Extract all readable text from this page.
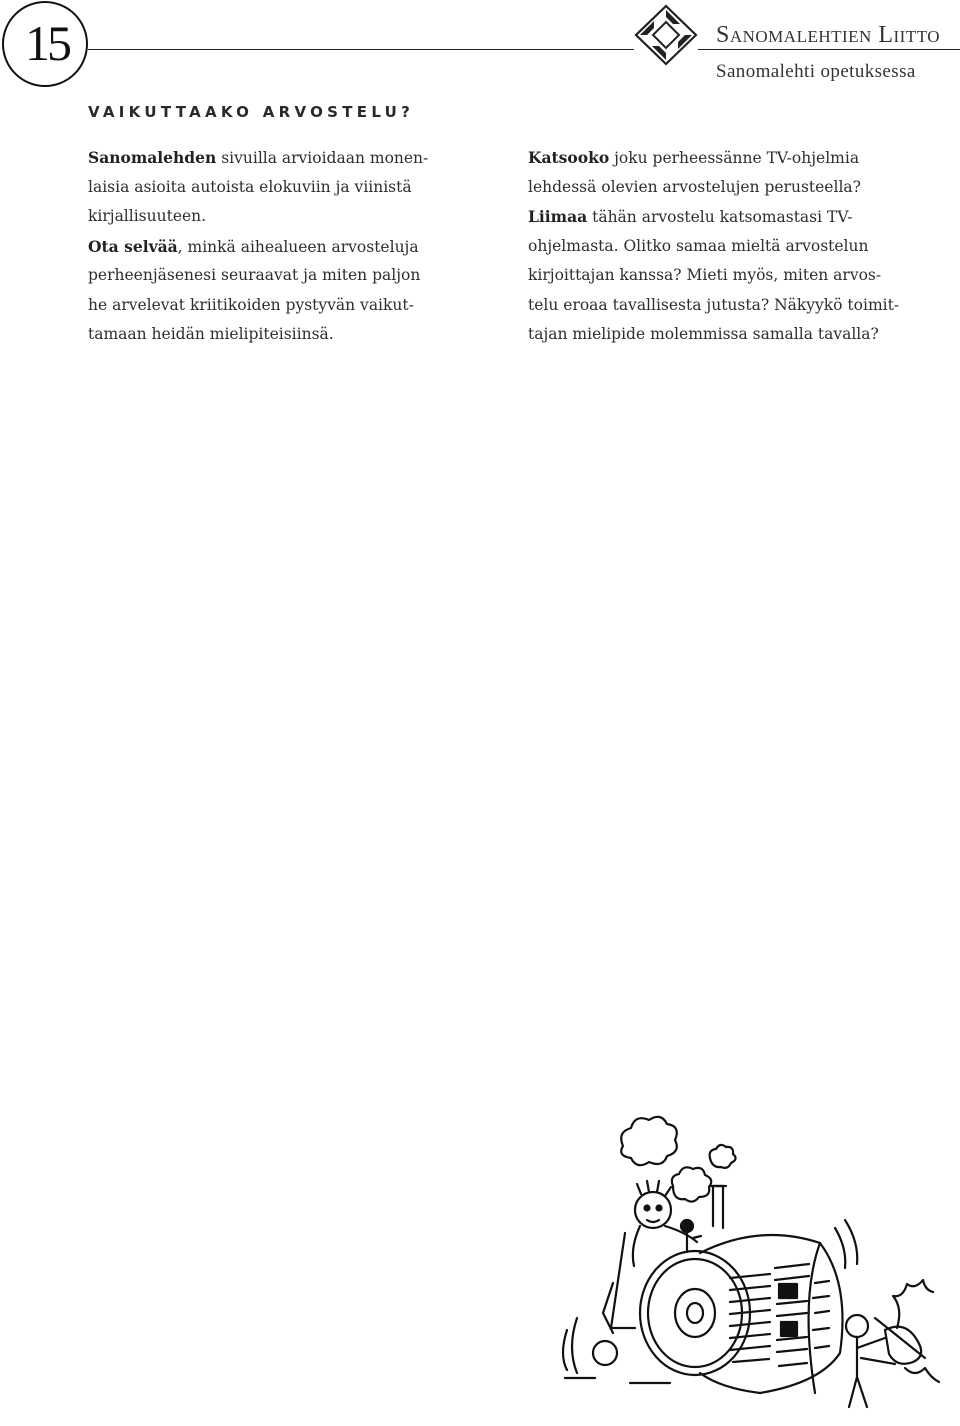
15	Sanomalehtien Liitto
Sanomalehti opetuksessa
VAIKUTTAAKO ARVOSTELU?
Sanomalehden sivuilla arvioidaan monen-
laisia asioita autoista elokuviin ja viinistä
kirjallisuuteen.
Ota selvää, minkä aihealueen arvosteluja
perheenjäsenesi seuraavat ja miten paljon
he arvelevat kriitikoiden pystyvän vaikut-
tamaan heidän mielipiteisiinsä.
Katsooko joku perheessänne TV-ohjelmia
lehdessä olevien arvostelujen perusteella?
Liimaa tähän arvostelu katsomastasi TV-
ohjelmasta. Olitko samaa mieltä arvostelun
kirjoittajan kanssa? Mieti myös, miten arvos-
telu eroaa tavallisesta jutusta? Näkyykö toimit-
tajan mielipide molemmissa samalla tavalla?
